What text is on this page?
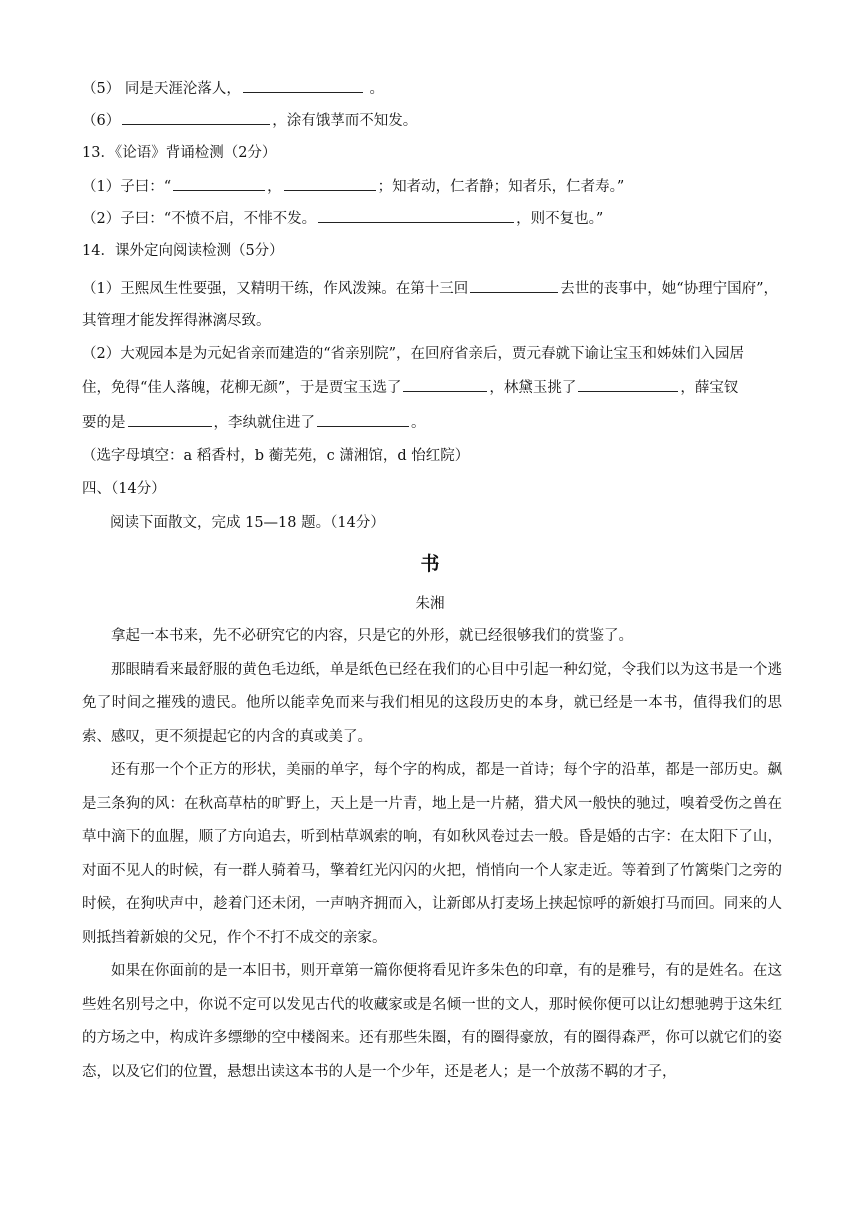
（5） 同是天涯沦落人，	。
（6）	，涂有饿莩而不知发。
13．《论语》背诵检测（2分）
（1）子曰：“	，	；知者动，仁者静；知者乐，仁者寿。”
（2）子曰：“不愤不启，不悱不发。	，则不复也。”
14．课外定向阅读检测（5分）
（1）王熙凤生性要强，又精明干练，作风泼辣。在第十三回	去世的丧事中，她“协理宁国府”，
其管理才能发挥得淋漓尽致。
（2）大观园本是为元妃省亲而建造的“省亲别院”，在回府省亲后，贾元春就下谕让宝玉和姊妹们入园居
住，免得“佳人落魄，花柳无颜”，于是贾宝玉选了	，林黛玉挑了	，薛宝钗
要的是	，李纨就住进了	。
（选字母填空：a 稻香村，b 蘅芜苑，c 潇湘馆，d 怡红院）
四、（14分）
阅读下面散文，完成 15—18 题。（14分）
书
朱湘

拿起一本书来，先不必研究它的内容，只是它的外形，就已经很够我们的赏鉴了。

那眼睛看来最舒服的黄色毛边纸，单是纸色已经在我们的心目中引起一种幻觉，令我们以为这书是一个逃免了时间之摧残的遗民。他所以能幸免而来与我们相见的这段历史的本身，就已经是一本书，值得我们的思索、感叹，更不须提起它的内含的真或美了。

还有那一个个正方的形状，美丽的单字，每个字的构成，都是一首诗；每个字的沿革，都是一部历史。飙是三条狗的风：在秋高草枯的旷野上，天上是一片青，地上是一片赭，猎犬风一般快的驰过，嗅着受伤之兽在草中滴下的血腥，顺了方向追去，听到枯草飒索的响，有如秋风卷过去一般。昏是婚的古字：在太阳下了山，对面不见人的时候，有一群人骑着马，擎着红光闪闪的火把，悄悄向一个人家走近。等着到了竹篱柴门之旁的时候，在狗吠声中，趁着门还未闭，一声呐齐拥而入，让新郎从打麦场上挟起惊呼的新娘打马而回。同来的人则抵挡着新娘的父兄，作个不打不成交的亲家。

如果在你面前的是一本旧书，则开章第一篇你便将看见许多朱色的印章，有的是雅号，有的是姓名。在这些姓名别号之中，你说不定可以发见古代的收藏家或是名倾一世的文人，那时候你便可以让幻想驰骋于这朱红的方场之中，构成许多缥缈的空中楼阁来。还有那些朱圈，有的圈得豪放，有的圈得森严，你可以就它们的姿态，以及它们的位置，悬想出读这本书的人是一个少年，还是老人；是一个放荡不羁的才子，
